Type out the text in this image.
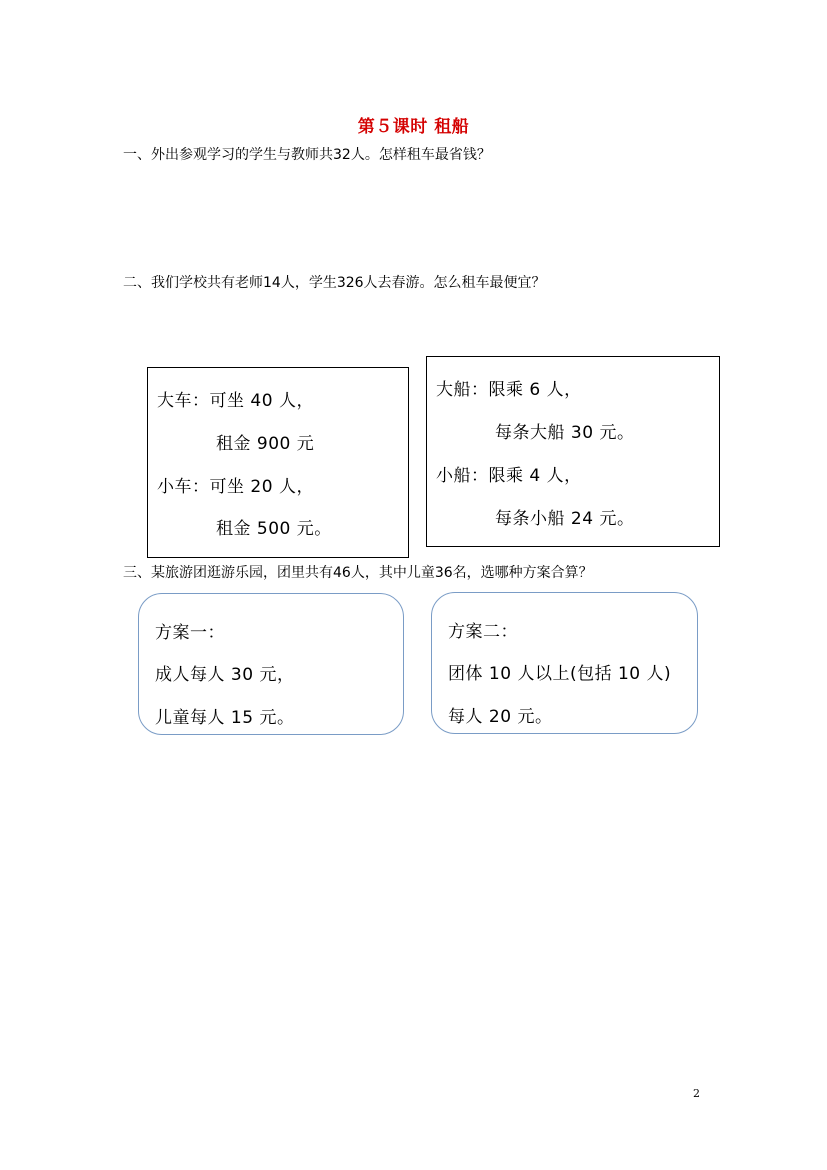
第５课时 租船
一、外出参观学习的学生与教师共32人。怎样租车最省钱？
二、我们学校共有老师14人，学生326人去春游。怎么租车最便宜？
大车：可坐 40 人，
租金 900 元
小车：可坐 20 人，
租金 500 元。
大船：限乘 6 人，
每条大船 30 元。
小船：限乘 4 人，
每条小船 24 元。
三、某旅游团逛游乐园，团里共有46人，其中儿童36名，选哪种方案合算？
方案一：
成人每人 30 元，
儿童每人 15 元。
方案二：
团体 10 人以上(包括 10 人)
每人 20 元。
2
